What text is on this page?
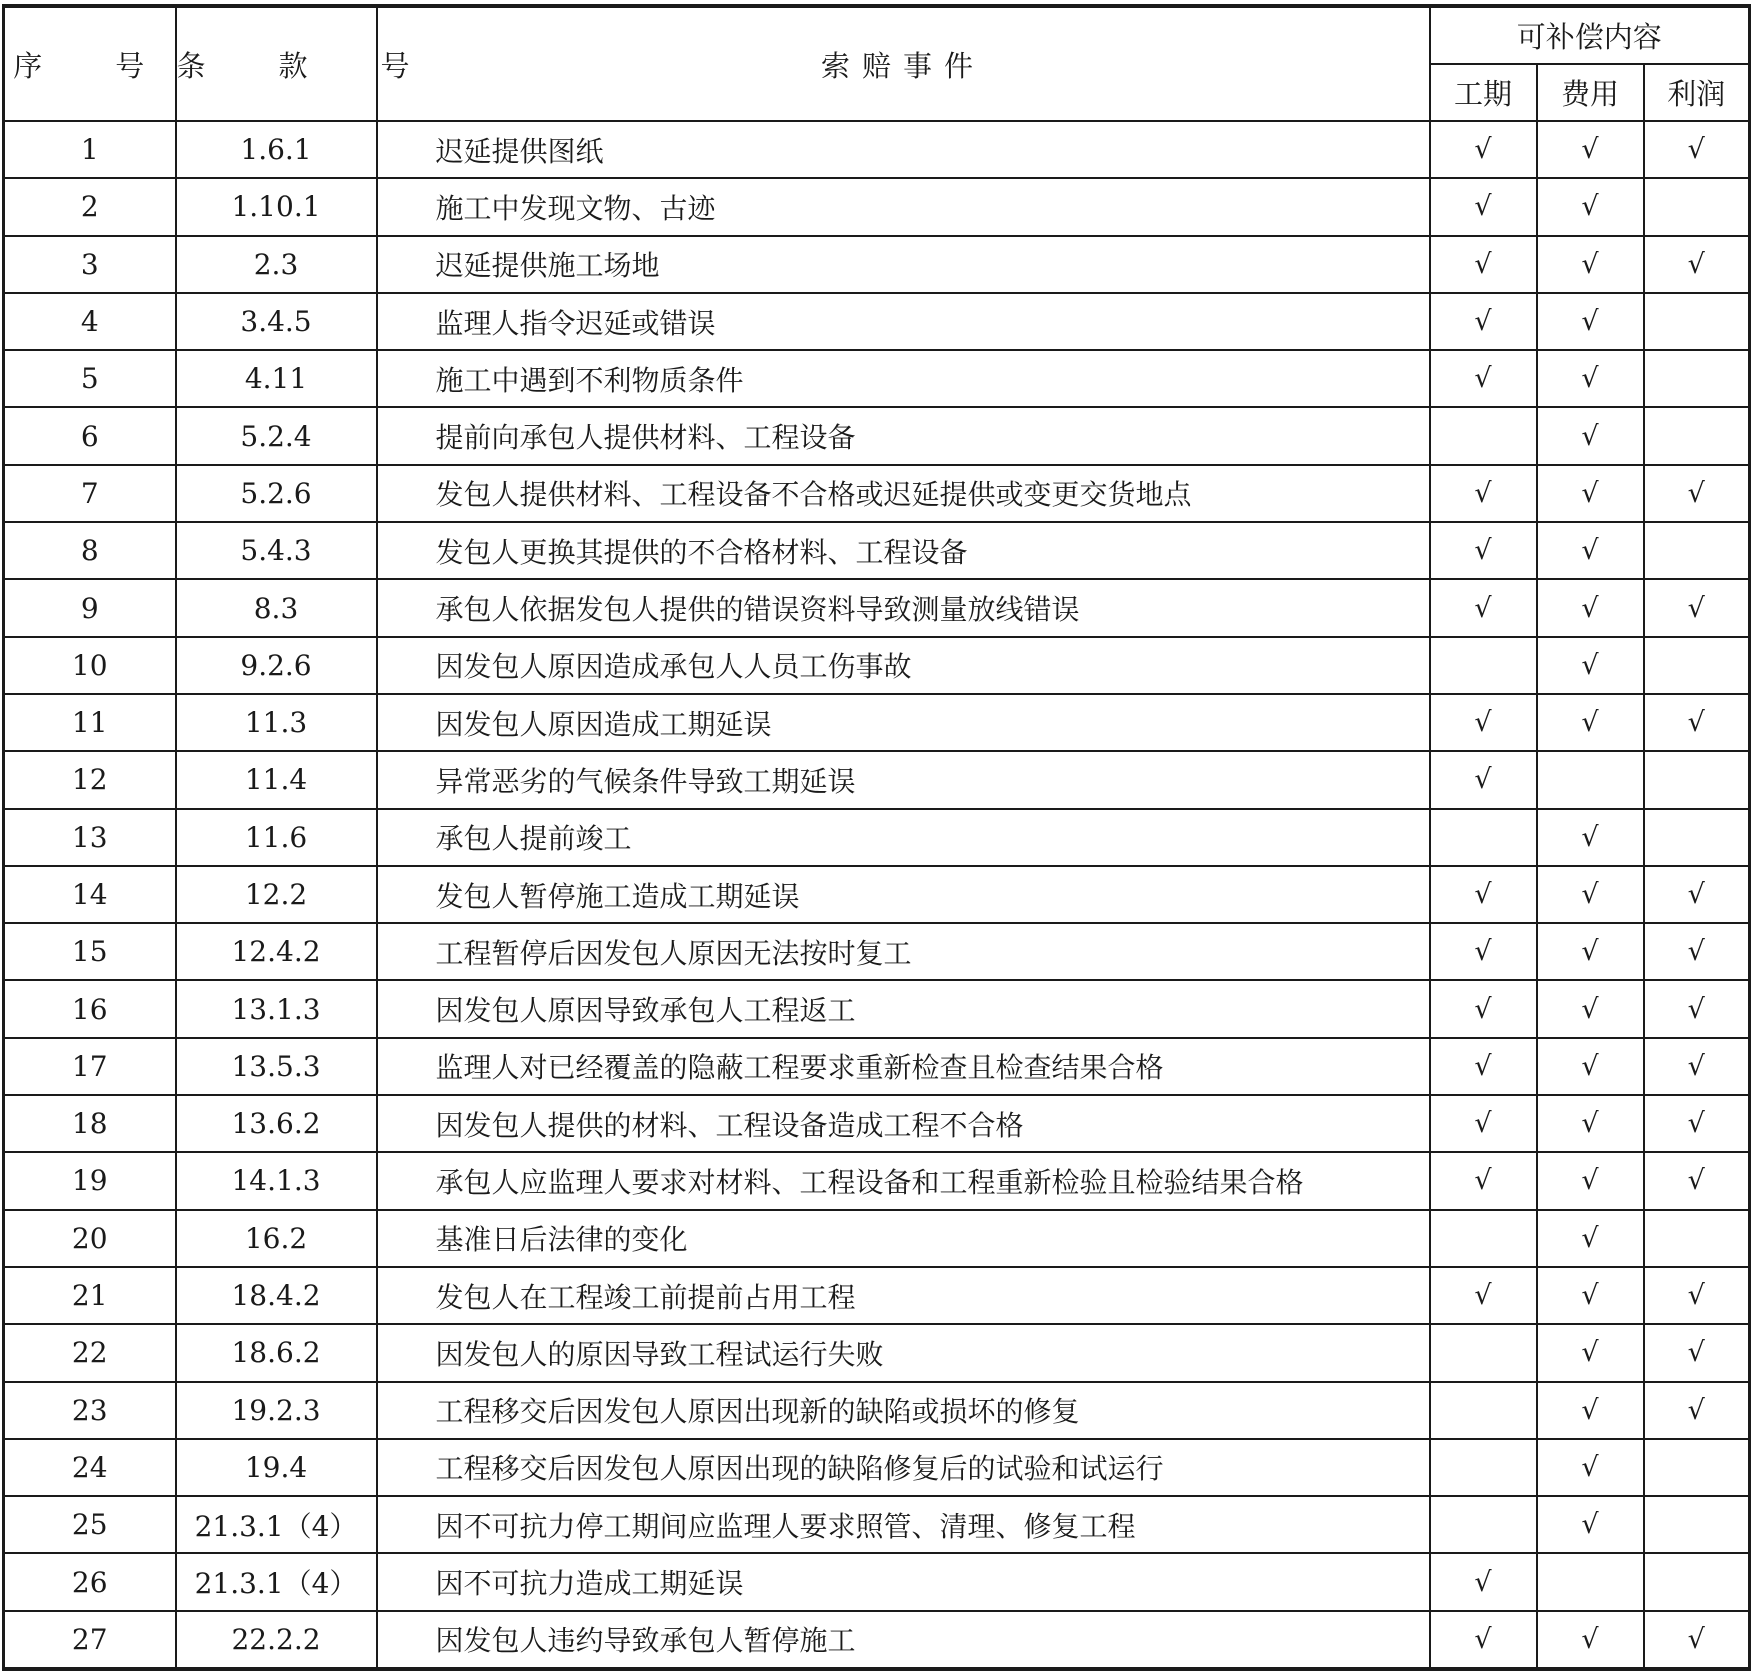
序　号	条　款　号	索赔事件	可补偿内容		
			工期	费用	利润
1	1.6.1	迟延提供图纸	√	√	√
2	1.10.1	施工中发现文物、古迹	√	√	
3	2.3	迟延提供施工场地	√	√	√
4	3.4.5	监理人指令迟延或错误	√	√	
5	4.11	施工中遇到不利物质条件	√	√	
6	5.2.4	提前向承包人提供材料、工程设备		√	
7	5.2.6	发包人提供材料、工程设备不合格或迟延提供或变更交货地点	√	√	√
8	5.4.3	发包人更换其提供的不合格材料、工程设备	√	√	
9	8.3	承包人依据发包人提供的错误资料导致测量放线错误	√	√	√
10	9.2.6	因发包人原因造成承包人人员工伤事故		√	
11	11.3	因发包人原因造成工期延误	√	√	√
12	11.4	异常恶劣的气候条件导致工期延误	√		
13	11.6	承包人提前竣工		√	
14	12.2	发包人暂停施工造成工期延误	√	√	√
15	12.4.2	工程暂停后因发包人原因无法按时复工	√	√	√
16	13.1.3	因发包人原因导致承包人工程返工	√	√	√
17	13.5.3	监理人对已经覆盖的隐蔽工程要求重新检查且检查结果合格	√	√	√
18	13.6.2	因发包人提供的材料、工程设备造成工程不合格	√	√	√
19	14.1.3	承包人应监理人要求对材料、工程设备和工程重新检验且检验结果合格	√	√	√
20	16.2	基准日后法律的变化		√	
21	18.4.2	发包人在工程竣工前提前占用工程	√	√	√
22	18.6.2	因发包人的原因导致工程试运行失败		√	√
23	19.2.3	工程移交后因发包人原因出现新的缺陷或损坏的修复		√	√
24	19.4	工程移交后因发包人原因出现的缺陷修复后的试验和试运行		√	
25	21.3.1（4）	因不可抗力停工期间应监理人要求照管、清理、修复工程		√	
26	21.3.1（4）	因不可抗力造成工期延误	√		
27	22.2.2	因发包人违约导致承包人暂停施工	√	√	√
